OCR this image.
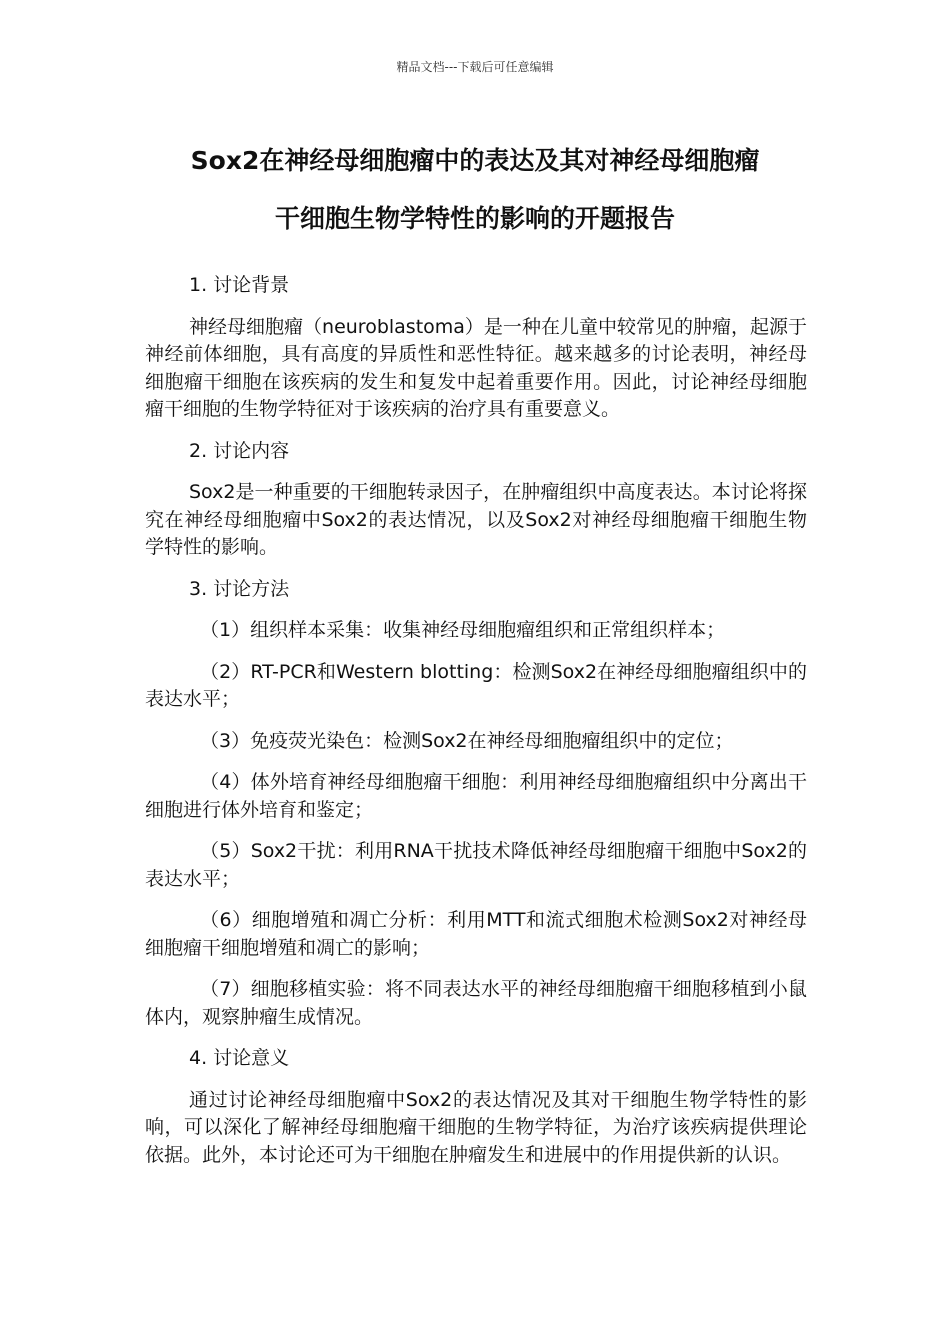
精品文档---下载后可任意编辑
Sox2在神经母细胞瘤中的表达及其对神经母细胞瘤
干细胞生物学特性的影响的开题报告

1. 讨论背景

神经母细胞瘤（neuroblastoma）是一种在儿童中较常见的肿瘤，起源于神经前体细胞，具有高度的异质性和恶性特征。越来越多的讨论表明，神经母细胞瘤干细胞在该疾病的发生和复发中起着重要作用。因此，讨论神经母细胞瘤干细胞的生物学特征对于该疾病的治疗具有重要意义。

2. 讨论内容

Sox2是一种重要的干细胞转录因子，在肿瘤组织中高度表达。本讨论将探究在神经母细胞瘤中Sox2的表达情况，以及Sox2对神经母细胞瘤干细胞生物学特性的影响。

3. 讨论方法

（1）组织样本采集：收集神经母细胞瘤组织和正常组织样本；

（2）RT-PCR和Western blotting：检测Sox2在神经母细胞瘤组织中的表达水平；

（3）免疫荧光染色：检测Sox2在神经母细胞瘤组织中的定位；

（4）体外培育神经母细胞瘤干细胞：利用神经母细胞瘤组织中分离出干细胞进行体外培育和鉴定；

（5）Sox2干扰：利用RNA干扰技术降低神经母细胞瘤干细胞中Sox2的表达水平；

（6）细胞增殖和凋亡分析：利用MTT和流式细胞术检测Sox2对神经母细胞瘤干细胞增殖和凋亡的影响；

（7）细胞移植实验：将不同表达水平的神经母细胞瘤干细胞移植到小鼠体内，观察肿瘤生成情况。

4. 讨论意义

通过讨论神经母细胞瘤中Sox2的表达情况及其对干细胞生物学特性的影响，可以深化了解神经母细胞瘤干细胞的生物学特征，为治疗该疾病提供理论依据。此外，本讨论还可为干细胞在肿瘤发生和进展中的作用提供新的认识。
